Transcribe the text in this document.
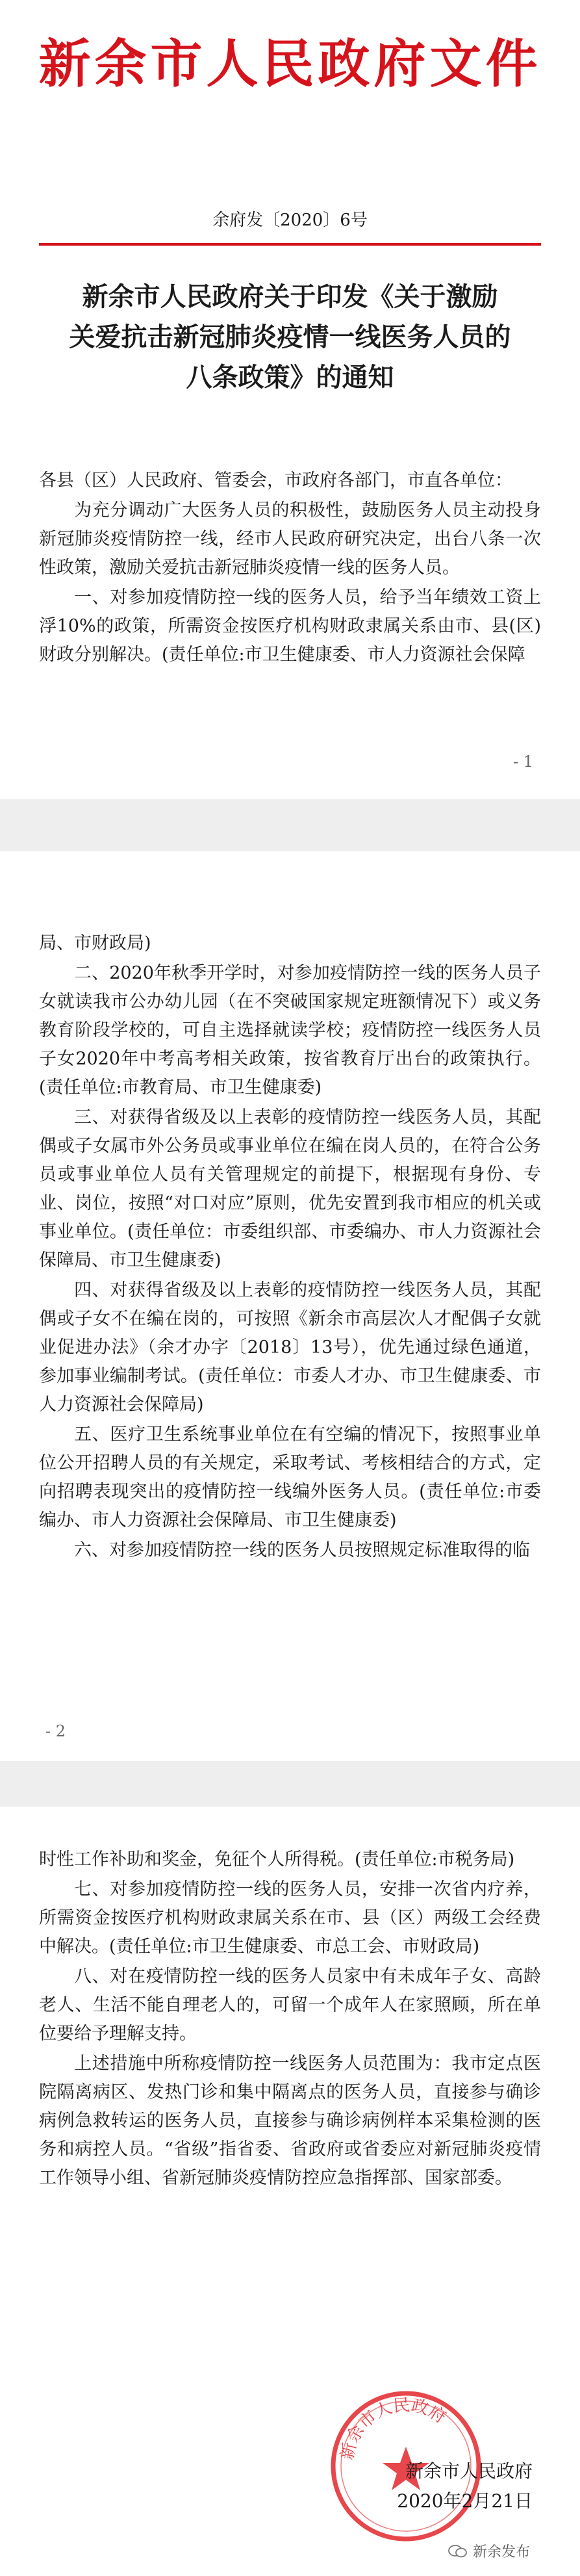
新余市人民政府文件
余府发〔2020〕6号
新余市人民政府关于印发《关于激励
关爱抗击新冠肺炎疫情一线医务人员的
八条政策》的通知

各县（区）人民政府、管委会，市政府各部门，市直各单位：

为充分调动广大医务人员的积极性，鼓励医务人员主动投身新冠肺炎疫情防控一线，经市人民政府研究决定，出台八条一次性政策，激励关爱抗击新冠肺炎疫情一线的医务人员。

一、对参加疫情防控一线的医务人员，给予当年绩效工资上浮10%的政策，所需资金按医疗机构财政隶属关系由市、县(区)财政分别解决。(责任单位:市卫生健康委、市人力资源社会保障

- 1

局、市财政局)

二、2020年秋季开学时，对参加疫情防控一线的医务人员子女就读我市公办幼儿园（在不突破国家规定班额情况下）或义务教育阶段学校的，可自主选择就读学校；疫情防控一线医务人员子女2020年中考高考相关政策，按省教育厅出台的政策执行。(责任单位:市教育局、市卫生健康委)

三、对获得省级及以上表彰的疫情防控一线医务人员，其配偶或子女属市外公务员或事业单位在编在岗人员的，在符合公务员或事业单位人员有关管理规定的前提下，根据现有身份、专业、岗位，按照“对口对应”原则，优先安置到我市相应的机关或事业单位。(责任单位：市委组织部、市委编办、市人力资源社会保障局、市卫生健康委)

四、对获得省级及以上表彰的疫情防控一线医务人员，其配偶或子女不在编在岗的，可按照《新余市高层次人才配偶子女就业促进办法》（余才办字〔2018〕13号），优先通过绿色通道，参加事业编制考试。(责任单位：市委人才办、市卫生健康委、市人力资源社会保障局)

五、医疗卫生系统事业单位在有空编的情况下，按照事业单位公开招聘人员的有关规定，采取考试、考核相结合的方式，定向招聘表现突出的疫情防控一线编外医务人员。(责任单位:市委编办、市人力资源社会保障局、市卫生健康委)

六、对参加疫情防控一线的医务人员按照规定标准取得的临

- 2

时性工作补助和奖金，免征个人所得税。(责任单位:市税务局)

七、对参加疫情防控一线的医务人员，安排一次省内疗养，所需资金按医疗机构财政隶属关系在市、县（区）两级工会经费中解决。(责任单位:市卫生健康委、市总工会、市财政局)

八、对在疫情防控一线的医务人员家中有未成年子女、高龄老人、生活不能自理老人的，可留一个成年人在家照顾，所在单位要给予理解支持。

上述措施中所称疫情防控一线医务人员范围为：我市定点医院隔离病区、发热门诊和集中隔离点的医务人员，直接参与确诊病例急救转运的医务人员，直接参与确诊病例样本采集检测的医务和病控人员。“省级”指省委、省政府或省委应对新冠肺炎疫情工作领导小组、省新冠肺炎疫情防控应急指挥部、国家部委。

新余市人民政府
新余市人民政府
2020年2月21日
新余发布
